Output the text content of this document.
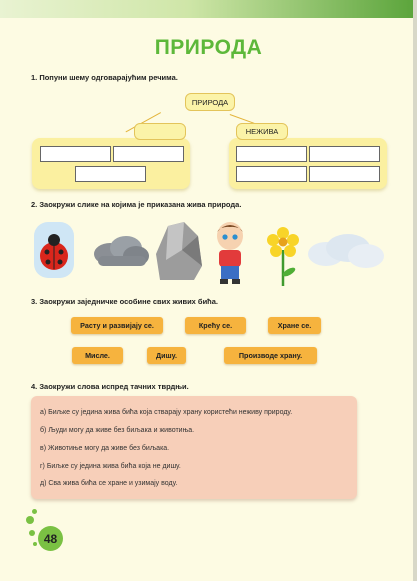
ПРИРОДА
1. Попуни шему одговарајућим речима.
ПРИРОДА
НЕЖИВА
2. Заокружи слике на којима је приказана жива природа.
3. Заокружи заједничке особине свих живих бића.
Расту и развијају се.	Крећу се.	Хране се.
Мисле.	Дишу.	Производе храну.
4. Заокружи слова испред тачних тврдњи.
а) Биљке су једина жива бића која стварају храну користећи неживу природу.
б) Људи могу да живе без биљака и животиња.
в) Животиње могу да живе без биљака.
г) Биљке су једина жива бића која не дишу.
д) Сва жива бића се хране и узимају воду.
48
